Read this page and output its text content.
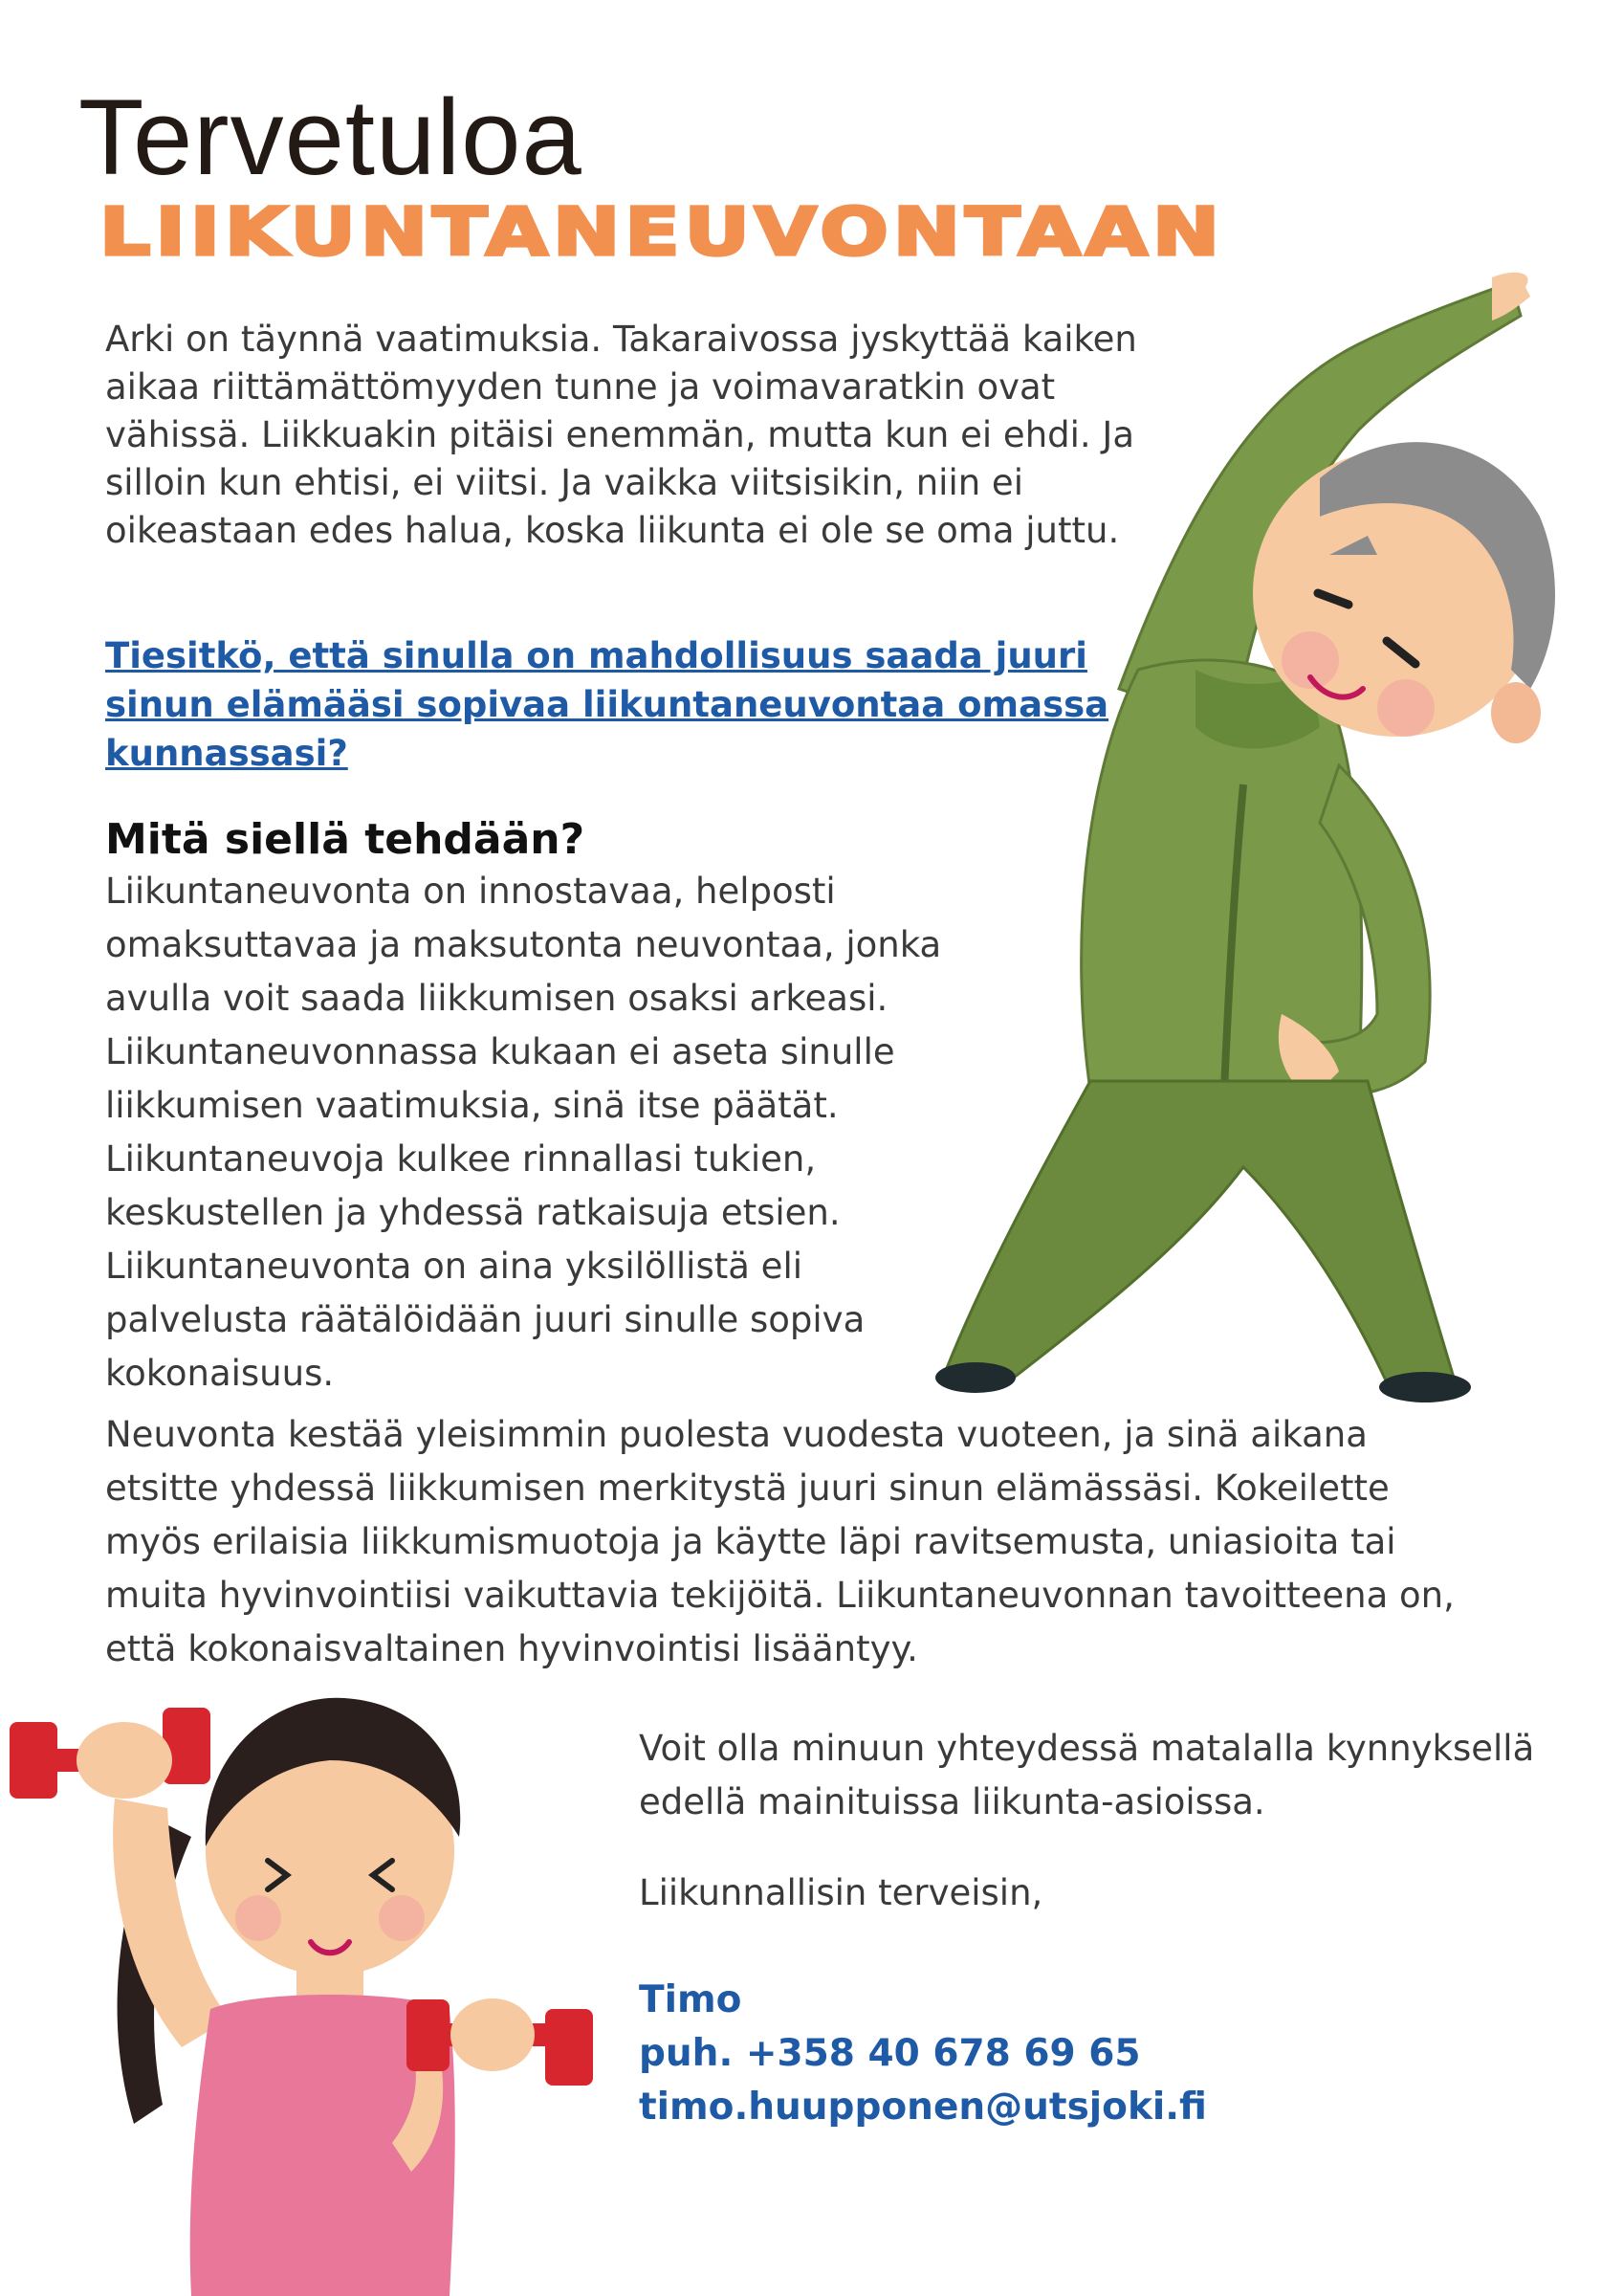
Tervetuloa
LIIKUNTANEUVONTAAN

Arki on täynnä vaatimuksia. Takaraivossa jyskyttää kaiken aikaa riittämättömyyden tunne ja voimavaratkin ovat vähissä. Liikkuakin pitäisi enemmän, mutta kun ei ehdi. Ja silloin kun ehtisi, ei viitsi. Ja vaikka viitsisikin, niin ei oikeastaan edes halua, koska liikunta ei ole se oma juttu.

Tiesitkö, että sinulla on mahdollisuus saada juuri sinun elämääsi sopivaa liikuntaneuvontaa omassa kunnassasi?

Mitä siellä tehdään?

Liikuntaneuvonta on innostavaa, helposti omaksuttavaa ja maksutonta neuvontaa, jonka avulla voit saada liikkumisen osaksi arkeasi. Liikuntaneuvonnassa kukaan ei aseta sinulle liikkumisen vaatimuksia, sinä itse päätät. Liikuntaneuvoja kulkee rinnallasi tukien, keskustellen ja yhdessä ratkaisuja etsien. Liikuntaneuvonta on aina yksilöllistä eli palvelusta räätälöidään juuri sinulle sopiva kokonaisuus.

Neuvonta kestää yleisimmin puolesta vuodesta vuoteen, ja sinä aikana etsitte yhdessä liikkumisen merkitystä juuri sinun elämässäsi. Kokeilette myös erilaisia liikkumismuotoja ja käytte läpi ravitsemusta, uniasioita tai muita hyvinvointiisi vaikuttavia tekijöitä. Liikuntaneuvonnan tavoitteena on, että kokonaisvaltainen hyvinvointisi lisääntyy.

Voit olla minuun yhteydessä matalalla kynnyksellä edellä mainituissa liikunta-asioissa.

Liikunnallisin terveisin,

Timo
puh. +358 40 678 69 65
timo.huupponen@utsjoki.fi
